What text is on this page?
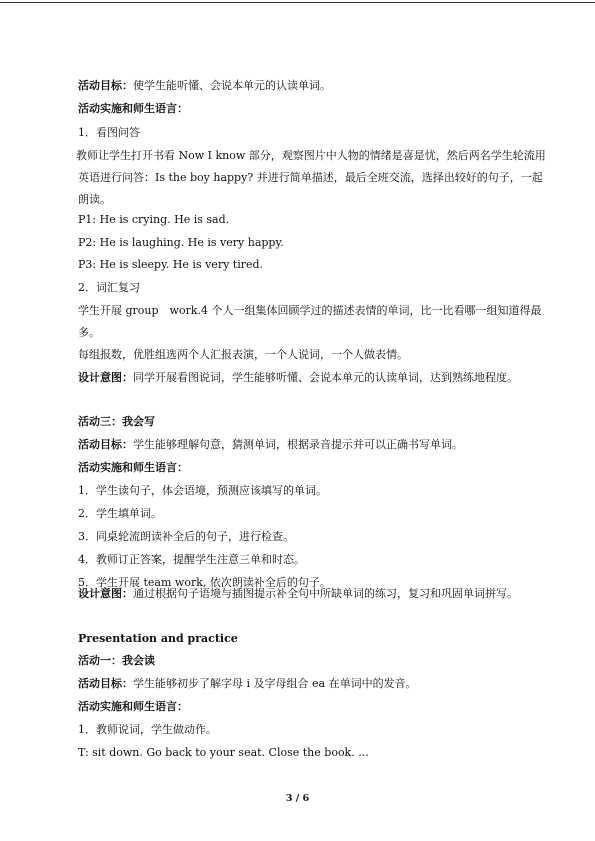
活动目标：使学生能听懂、会说本单元的认读单词。
活动实施和师生语言：
1．看图问答
教师让学生打开书看 Now I know 部分，观察图片中人物的情绪是喜是忧，然后两名学生轮流用英语进行问答：Is the boy happy? 并进行简单描述，最后全班交流，选择出较好的句子，一起朗读。
P1: He is crying. He is sad.
P2: He is laughing. He is very happy.
P3: He is sleepy. He is very tired.
2．词汇复习
学生开展 group　work.4 个人一组集体回顾学过的描述表情的单词，比一比看哪一组知道得最多。
每组报数，优胜组选两个人汇报表演，一个人说词，一个人做表情。
设计意图：同学开展看图说词，学生能够听懂、会说本单元的认读单词，达到熟练地程度。
活动三：我会写
活动目标：学生能够理解句意，猜测单词，根据录音提示并可以正确书写单词。
活动实施和师生语言：
1．学生读句子，体会语境，预测应该填写的单词。
2．学生填单词。
3．同桌轮流朗读补全后的句子，进行检查。
4．教师订正答案，提醒学生注意三单和时态。
5．学生开展 team work, 依次朗读补全后的句子。
设计意图：通过根据句子语境与插图提示补全句中所缺单词的练习，复习和巩固单词拼写。
Presentation and practice
活动一：我会读
活动目标：学生能够初步了解字母 i 及字母组合 ea 在单词中的发音。
活动实施和师生语言：
1．教师说词，学生做动作。
T: sit down. Go back to your seat. Close the book. ...
3 / 6
